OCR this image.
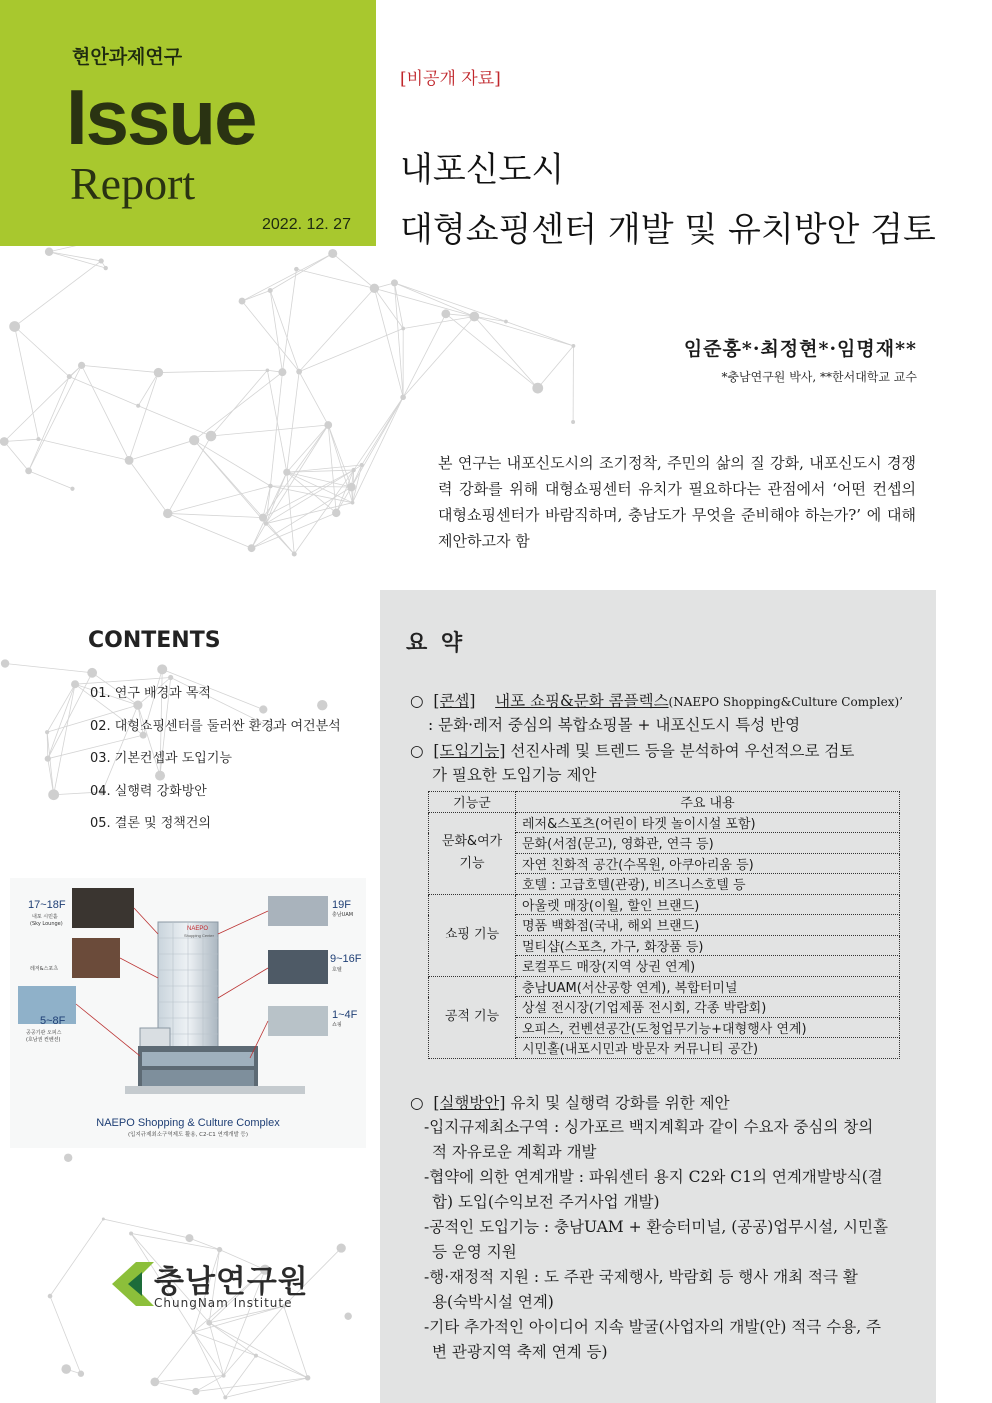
현안과제연구
Issue
Report
2022. 12. 27
[비공개 자료]
내포신도시
대형쇼핑센터 개발 및 유치방안 검토
임준홍*·최정현*·임명재**
*충남연구원 박사, **한서대학교 교수
본 연구는 내포신도시의 조기정착, 주민의 삶의 질 강화, 내포신도시 경쟁력 강화를 위해 대형쇼핑센터 유치가 필요하다는 관점에서 ‘어떤 컨셉의 대형쇼핑센터가 바람직하며, 충남도가 무엇을 준비해야 하는가?’ 에 대해 제안하고자 함
CONTENTS
01. 연구 배경과 목적
02. 대형쇼핑센터를 둘러싼 환경과 여건분석
03. 기본컨셉과 도입기능
04. 실행력 강화방안
05. 결론 및 정책건의
17~18F
내포 시민홀
(Sky Lounge)
레저&스포츠
5~8F
공공기관 오피스
(호남권 컨벤션)
19F
충남UAM
9~16F
호텔
1~4F
쇼핑
NAEPO
Shopping Center
NAEPO Shopping & Culture Complex
(입지규제최소구역제도 활용, C2-C1 연계개발 등)
충남연구원
ChungNam Institute
요 약
○ [콘셉] 내포 쇼핑&문화 콤플렉스(NAEPO Shopping&Culture Complex)’
: 문화·레저 중심의 복합쇼핑몰 + 내포신도시 특성 반영
○ [도입기능] 선진사례 및 트렌드 등을 분석하여 우선적으로 검토
가 필요한 도입기능 제안
기능군	주요 내용
문화&여가 기능	레저&스포츠(어린이 타겟 놀이시설 포함)
	문화(서점(문고), 영화관, 연극 등)
	자연 친화적 공간(수목원, 아쿠아리움 등)
	호텔 : 고급호텔(관광), 비즈니스호텔 등
쇼핑 기능	아울렛 매장(이월, 할인 브랜드)
	명품 백화점(국내, 해외 브랜드)
	멀티샵(스포츠, 가구, 화장품 등)
	로컬푸드 매장(지역 상권 연계)
공적 기능	충남UAM(서산공항 연계), 복합터미널
	상설 전시장(기업제품 전시회, 각종 박람회)
	오피스, 컨벤션공간(도청업무기능+대형행사 연계)
	시민홀(내포시민과 방문자 커뮤니티 공간)
○ [실행방안] 유치 및 실행력 강화를 위한 제안
-입지규제최소구역 : 싱가포르 백지계획과 같이 수요자 중심의 창의
적 자유로운 계획과 개발
-협약에 의한 연계개발 : 파워센터 용지 C2와 C1의 연계개발방식(결
합) 도입(수익보전 주거사업 개발)
-공적인 도입기능 : 충남UAM + 환승터미널, (공공)업무시설, 시민홀
등 운영 지원
-행·재정적 지원 : 도 주관 국제행사, 박람회 등 행사 개최 적극 활
용(숙박시설 연계)
-기타 추가적인 아이디어 지속 발굴(사업자의 개발(안) 적극 수용, 주
변 관광지역 축제 연계 등)
